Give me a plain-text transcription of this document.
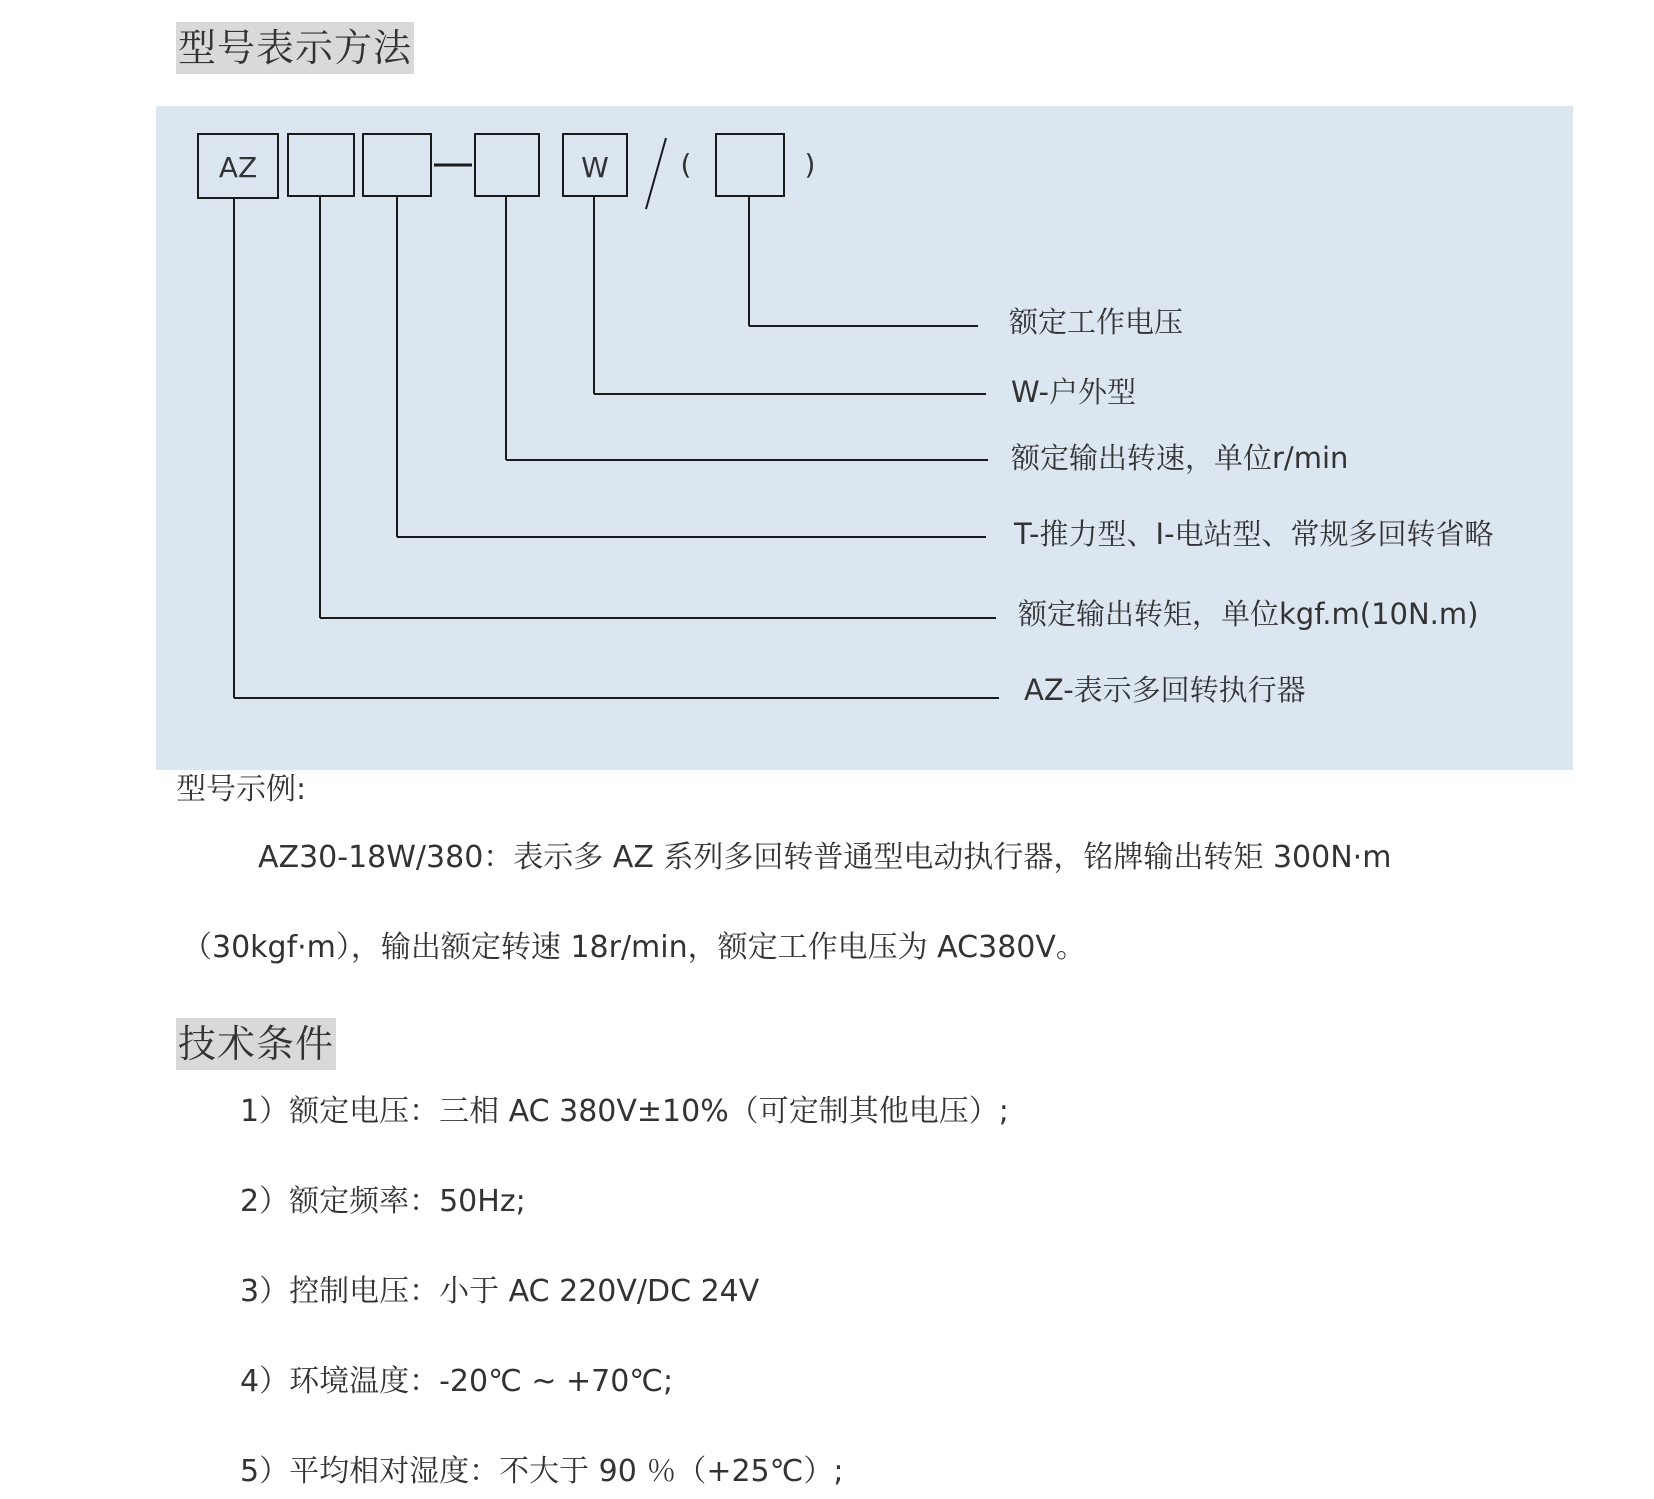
型号表示方法
AZ	W	(	)
额定工作电压
W-户外型
额定输出转速，单位r/min
T-推力型、I-电站型、常规多回转省略
额定输出转矩，单位kgf.m(10N.m)
AZ-表示多回转执行器
型号示例:
AZ30-18W/380：表示多 AZ 系列多回转普通型电动执行器，铭牌输出转矩 300N·m
（30kgf·m），输出额定转速 18r/min，额定工作电压为 AC380V。
技术条件
1）额定电压：三相 AC 380V±10%（可定制其他电压）;
2）额定频率：50Hz;
3）控制电压：小于 AC 220V/DC 24V
4）环境温度：-20℃ ~ +70℃;
5）平均相对湿度：不大于 90 ％（+25℃）;
